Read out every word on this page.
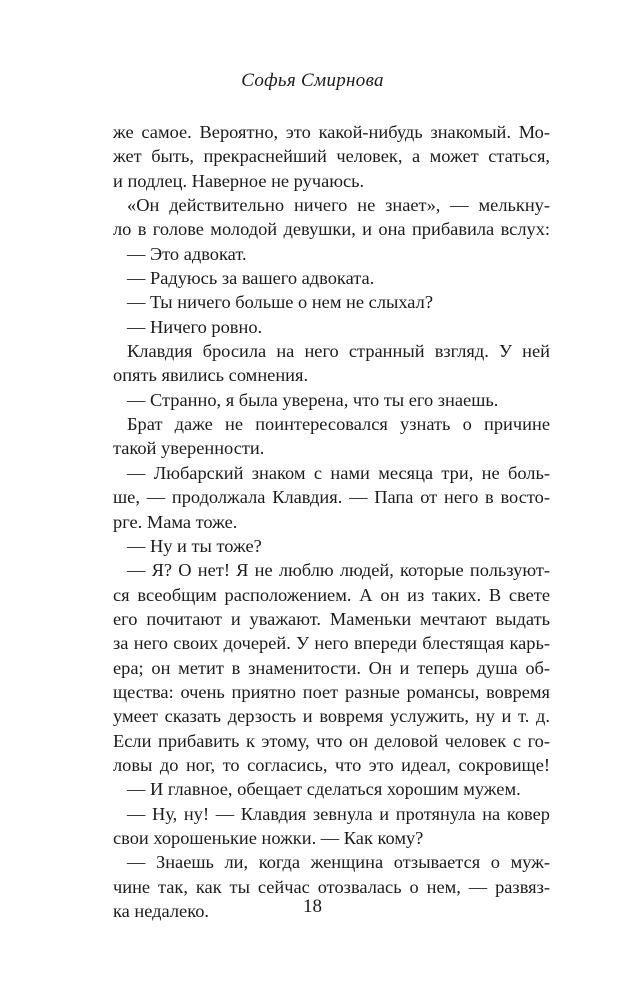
Софья Смирнова
же самое. Вероятно, это какой-нибудь знакомый. Мо-
жет быть, прекраснейший человек, а может статься,
и подлец. Наверное не ручаюсь.
«Он действительно ничего не знает», — мелькну-
ло в голове молодой девушки, и она прибавила вслух:
— Это адвокат.
— Радуюсь за вашего адвоката.
— Ты ничего больше о нем не слыхал?
— Ничего ровно.
Клавдия бросила на него странный взгляд. У ней
опять явились сомнения.
— Странно, я была уверена, что ты его знаешь.
Брат даже не поинтересовался узнать о причине
такой уверенности.
— Любарский знаком с нами месяца три, не боль-
ше, — продолжала Клавдия. — Папа от него в восто-
рге. Мама тоже.
— Ну и ты тоже?
— Я? О нет! Я не люблю людей, которые пользуют-
ся всеобщим расположением. А он из таких. В свете
его почитают и уважают. Маменьки мечтают выдать
за него своих дочерей. У него впереди блестящая карь-
ера; он метит в знаменитости. Он и теперь душа об-
щества: очень приятно поет разные романсы, вовремя
умеет сказать дерзость и вовремя услужить, ну и т. д.
Если прибавить к этому, что он деловой человек с го-
ловы до ног, то согласись, что это идеал, сокровище!
— И главное, обещает сделаться хорошим мужем.
— Ну, ну! — Клавдия зевнула и протянула на ковер
свои хорошенькие ножки. — Как кому?
— Знаешь ли, когда женщина отзывается о муж-
чине так, как ты сейчас отозвалась о нем, — развяз-
ка недалеко.	18
